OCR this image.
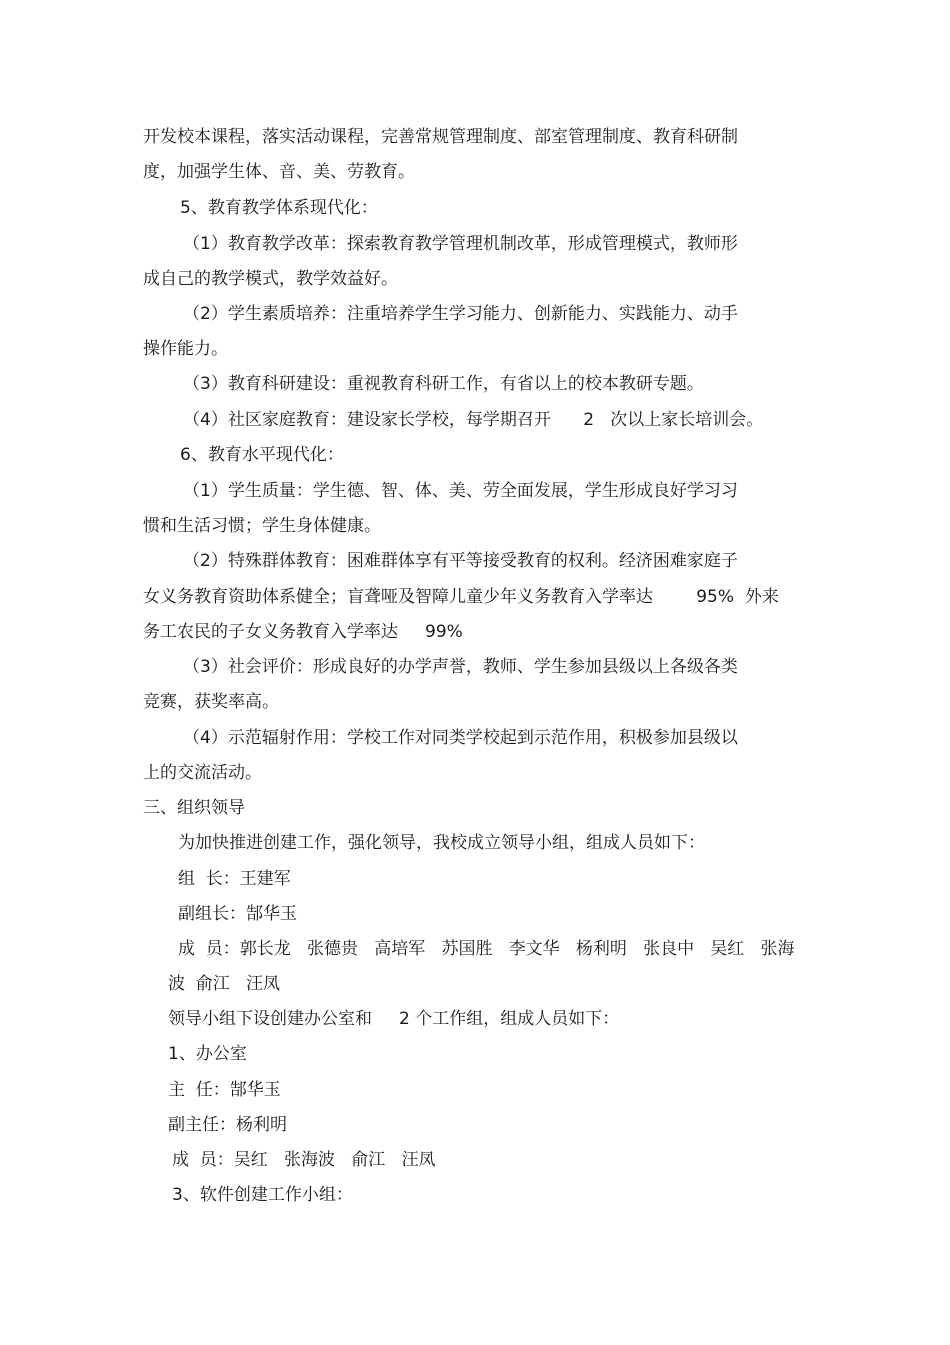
开发校本课程，落实活动课程，完善常规管理制度、部室管理制度、教育科研制
度，加强学生体、音、美、劳教育。
5、教育教学体系现代化：
（1）教育教学改革：探索教育教学管理机制改革，形成管理模式，教师形
成自己的教学模式，教学效益好。
（2）学生素质培养：注重培养学生学习能力、创新能力、实践能力、动手
操作能力。
（3）教育科研建设：重视教育科研工作，有省以上的校本教研专题。
（4）社区家庭教育：建设家长学校，每学期召开      2   次以上家长培训会。
6、教育水平现代化：
（1）学生质量：学生德、智、体、美、劳全面发展，学生形成良好学习习
惯和生活习惯；学生身体健康。
（2）特殊群体教育：困难群体享有平等接受教育的权利。经济困难家庭子
女义务教育资助体系健全；盲聋哑及智障儿童少年义务教育入学率达        95%  外来
务工农民的子女义务教育入学率达     99%
（3）社会评价：形成良好的办学声誉，教师、学生参加县级以上各级各类
竞赛，获奖率高。
（4）示范辐射作用：学校工作对同类学校起到示范作用，积极参加县级以
上的交流活动。
三、组织领导
为加快推进创建工作，强化领导，我校成立领导小组，组成人员如下：
组  长：王建军
副组长：郜华玉
成  员：郭长龙   张德贵   高培军   苏国胜   李文华   杨利明   张良中   吴红   张海
波  俞江   汪凤
领导小组下设创建办公室和     2 个工作组，组成人员如下：
1、办公室
主  任：郜华玉
副主任：杨利明
成  员：吴红   张海波   俞江   汪凤
3、软件创建工作小组：
